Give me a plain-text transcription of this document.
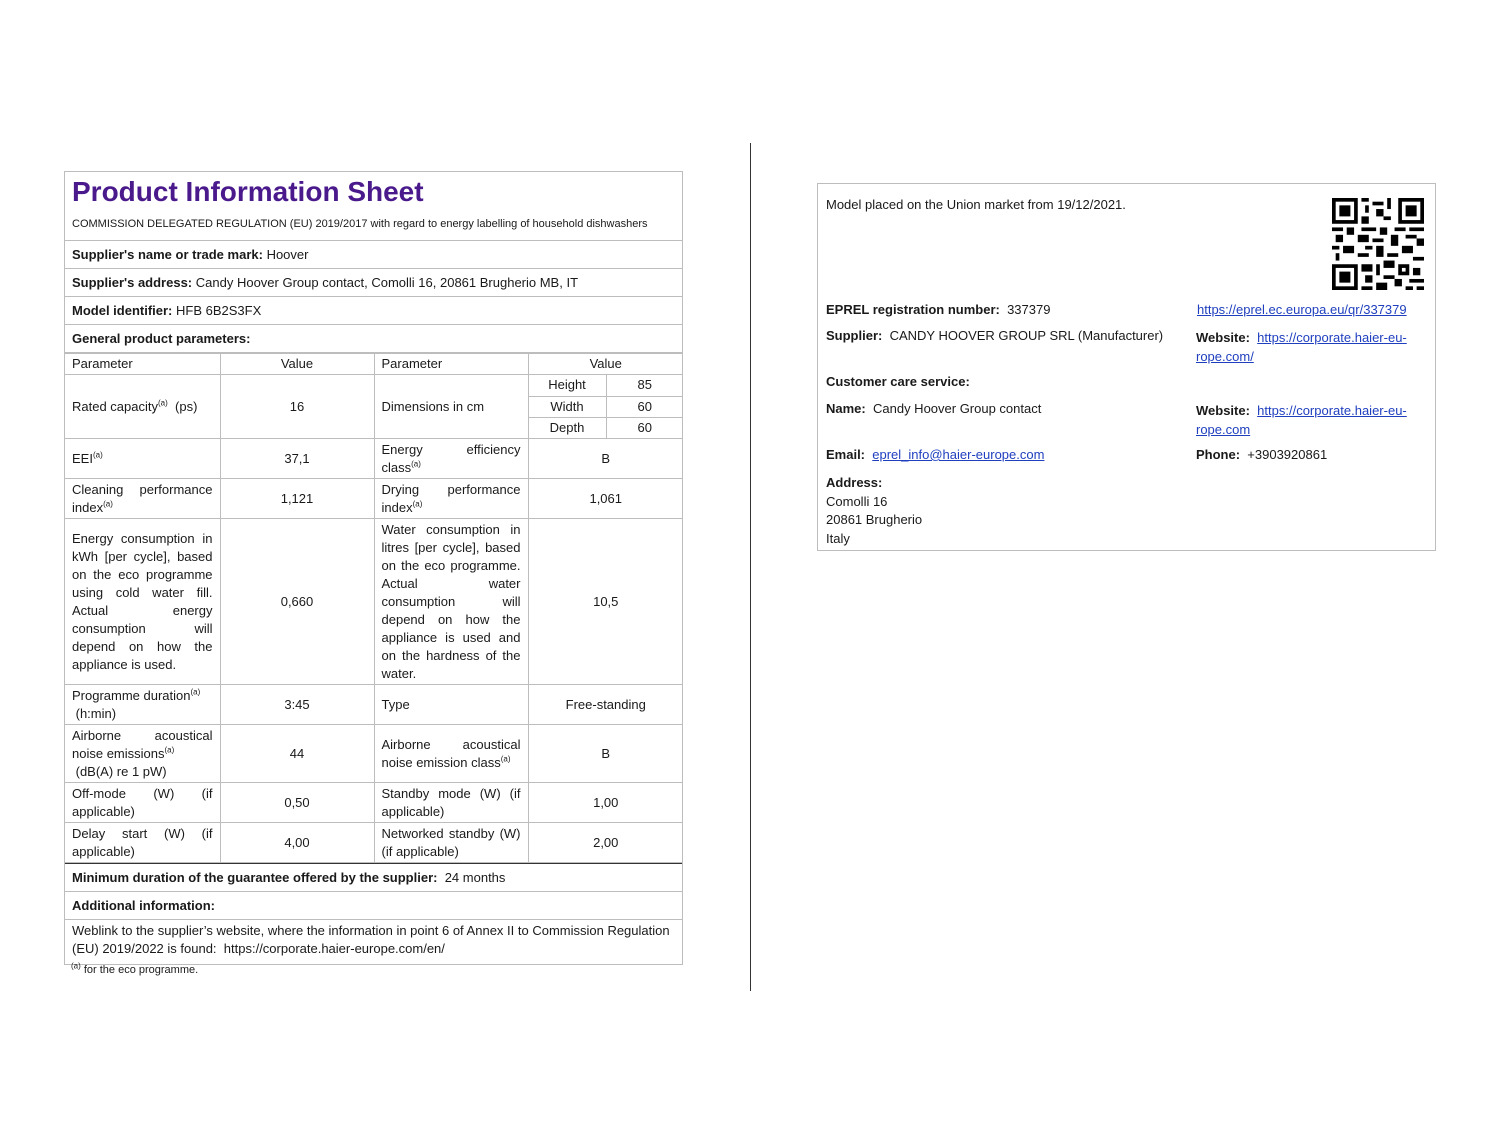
Product Information Sheet
COMMISSION DELEGATED REGULATION (EU) 2019/2017 with regard to energy labelling of household dishwashers
Supplier's name or trade mark: Hoover
Supplier's address: Candy Hoover Group contact, Comolli 16, 20861 Brugherio MB, IT
Model identifier: HFB 6B2S3FX
General product parameters:
Parameter	Value	Parameter	Value
Rated capacity$^{(a)}$ (ps)	16	Dimensions in cm	
Height	85
Width	60
Depth	60

EEI$^{(a)}$	37,1	Energy efficiency class$^{(a)}$	B
Cleaning performance index$^{(a)}$	1,121	Drying performance index$^{(a)}$	1,061
Energy consumption in kWh [per cycle], based on the eco programme using cold water fill. Actual energy consumption will depend on how the appliance is used.	0,660	Water consumption in litres [per cycle], based on the eco programme. Actual water consumption will depend on how the appliance is used and on the hardness of the water.	10,5
Programme duration$^{(a)}$
(h:min)	3:45	Type	Free-standing
Airborne acoustical noise emissions$^{(a)}$
(dB(A) re 1 pW)	44	Airborne acoustical noise emission class$^{(a)}$	B
Off-mode (W) (if applicable)	0,50	Standby mode (W) (if applicable)	1,00
Delay start (W) (if applicable)	4,00	Networked standby (W) (if applicable)	2,00
Minimum duration of the guarantee offered by the supplier: 24 months
Additional information:
Weblink to the supplier’s website, where the information in point 6 of Annex II to Commission Regulation (EU) 2019/2022 is found: https://corporate.haier-europe.com/en/
$^{(a)}$ for the eco programme.
Model placed on the Union market from 19/12/2021.
EPREL registration number: 337379	https://eprel.ec.europa.eu/qr/337379
Supplier: CANDY HOOVER GROUP SRL (Manufacturer)	Website: https://corporate.haier-eu-
rope.com/
Customer care service:
Name: Candy Hoover Group contact	Website: https://corporate.haier-eu-
rope.com
Email: eprel_info@haier-europe.com	Phone: +3903920861
Address:
Comolli 16
20861 Brugherio
Italy
